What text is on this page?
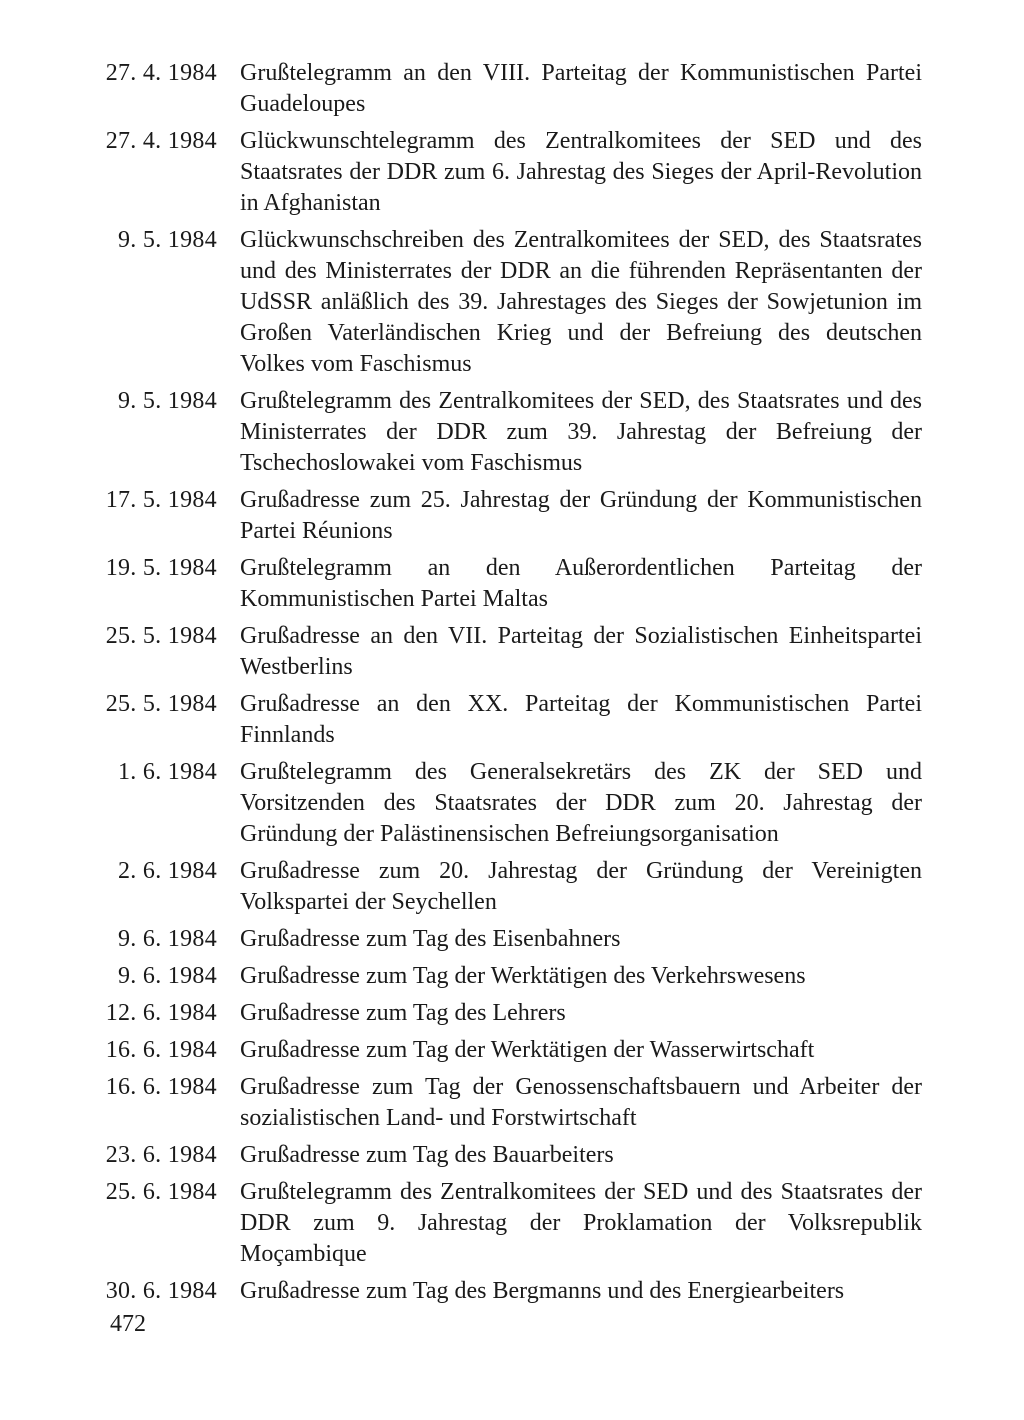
27. 4. 1984 Grußtelegramm an den VIII. Parteitag der Kommunistischen Partei Guadeloupes
27. 4. 1984 Glückwunschtelegramm des Zentralkomitees der SED und des Staatsrates der DDR zum 6. Jahrestag des Sieges der April-Revolution in Afghanistan
9. 5. 1984 Glückwunschschreiben des Zentralkomitees der SED, des Staatsrates und des Ministerrates der DDR an die führenden Repräsentanten der UdSSR anläßlich des 39. Jahrestages des Sieges der Sowjetunion im Großen Vaterländischen Krieg und der Befreiung des deutschen Volkes vom Faschismus
9. 5. 1984 Grußtelegramm des Zentralkomitees der SED, des Staatsrates und des Ministerrates der DDR zum 39. Jahrestag der Befreiung der Tschechoslowakei vom Faschismus
17. 5. 1984 Grußadresse zum 25. Jahrestag der Gründung der Kommunistischen Partei Réunions
19. 5. 1984 Grußtelegramm an den Außerordentlichen Parteitag der Kommunistischen Partei Maltas
25. 5. 1984 Grußadresse an den VII. Parteitag der Sozialistischen Einheitspartei Westberlins
25. 5. 1984 Grußadresse an den XX. Parteitag der Kommunistischen Partei Finnlands
1. 6. 1984 Grußtelegramm des Generalsekretärs des ZK der SED und Vorsitzenden des Staatsrates der DDR zum 20. Jahrestag der Gründung der Palästinensischen Befreiungsorganisation
2. 6. 1984 Grußadresse zum 20. Jahrestag der Gründung der Vereinigten Volkspartei der Seychellen
9. 6. 1984 Grußadresse zum Tag des Eisenbahners
9. 6. 1984 Grußadresse zum Tag der Werktätigen des Verkehrswesens
12. 6. 1984 Grußadresse zum Tag des Lehrers
16. 6. 1984 Grußadresse zum Tag der Werktätigen der Wasserwirtschaft
16. 6. 1984 Grußadresse zum Tag der Genossenschaftsbauern und Arbeiter der sozialistischen Land- und Forstwirtschaft
23. 6. 1984 Grußadresse zum Tag des Bauarbeiters
25. 6. 1984 Grußtelegramm des Zentralkomitees der SED und des Staatsrates der DDR zum 9. Jahrestag der Proklamation der Volksrepublik Moçambique
30. 6. 1984 Grußadresse zum Tag des Bergmanns und des Energiearbeiters
472
